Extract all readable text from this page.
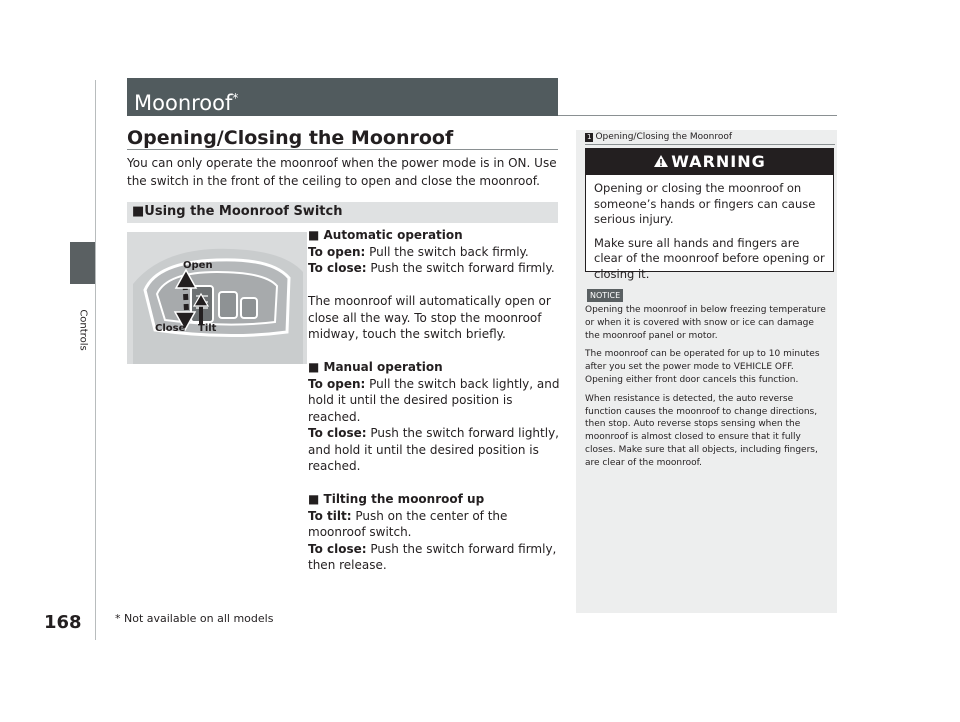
Controls
Moonroof*
Opening/Closing the Moonroof
You can only operate the moonroof when the power mode is in ON. Use the switch in the front of the ceiling to open and close the moonroof.
■Using the Moonroof Switch
Open
Close Tilt

■ Automatic operation
To open: Pull the switch back firmly.
To close: Push the switch forward firmly.

The moonroof will automatically open or close all the way. To stop the moonroof midway, touch the switch briefly.

■ Manual operation
To open: Pull the switch back lightly, and hold it until the desired position is reached.
To close: Push the switch forward lightly, and hold it until the desired position is reached.

■ Tilting the moonroof up
To tilt: Push on the center of the moonroof switch.
To close: Push the switch forward firmly, then release.

1 Opening/Closing the Moonroof
WARNING

Opening or closing the moonroof on someone’s hands or fingers can cause serious injury.

Make sure all hands and fingers are clear of the moonroof before opening or closing it.

NOTICE

Opening the moonroof in below freezing temperature or when it is covered with snow or ice can damage the moonroof panel or motor.

The moonroof can be operated for up to 10 minutes after you set the power mode to VEHICLE OFF. Opening either front door cancels this function.

When resistance is detected, the auto reverse function causes the moonroof to change directions, then stop. Auto reverse stops sensing when the moonroof is almost closed to ensure that it fully closes. Make sure that all objects, including fingers, are clear of the moonroof.

168	* Not available on all models
